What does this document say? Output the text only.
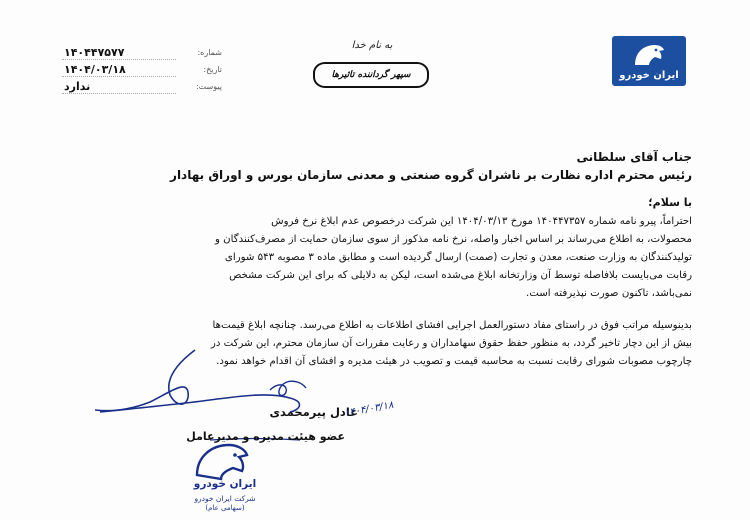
شماره:
۱۴۰۴۴۷۵۷۷
تاریخ:
۱۴۰۴/۰۳/۱۸
پیوست:
ندارد
به نام خدا
سپهر گرداننده تاثیرها	ایران خودرو
جناب آقای سلطانی
رئیس محترم اداره نظارت بر ناشران گروه صنعتی و معدنی سازمان بورس و اوراق بهادار
با سلام؛
احتراماً، پیرو نامه شماره ۱۴۰۴۴۷۳۵۷ مورخ ۱۴۰۴/۰۳/۱۳ این شرکت درخصوص عدم ابلاغ نرخ فروش
محصولات، به اطلاع می‌رساند بر اساس اخبار واصله، نرخ نامه مذکور از سوی سازمان حمایت از مصرف‌کنندگان و
تولیدکنندگان به وزارت صنعت، معدن و تجارت (صمت) ارسال گردیده است و مطابق ماده ۳ مصوبه ۵۴۳ شورای
رقابت می‌بایست بلافاصله توسط آن وزارتخانه ابلاغ می‌شده است، لیکن به دلایلی که برای این شرکت مشخص
نمی‌باشد، تاکنون صورت نپذیرفته است.
بدینوسیله مراتب فوق در راستای مفاد دستورالعمل اجرایی افشای اطلاعات به اطلاع می‌رسد. چنانچه ابلاغ قیمت‌ها
بیش از این دچار تاخیر گردد، به منظور حفظ حقوق سهامداران و رعایت مقررات آن سازمان محترم، این شرکت در
چارچوب مصوبات شورای رقابت نسبت به محاسبه قیمت و تصویب در هیئت مدیره و افشای آن اقدام خواهد نمود.
عادل پیرمحمدی
عضو هیئت مدیره و مدیرعامل
۱۴۰۴/۰۳/۱۸
ایران خودرو
شرکت ایران خودرو
(سهامی عام)
